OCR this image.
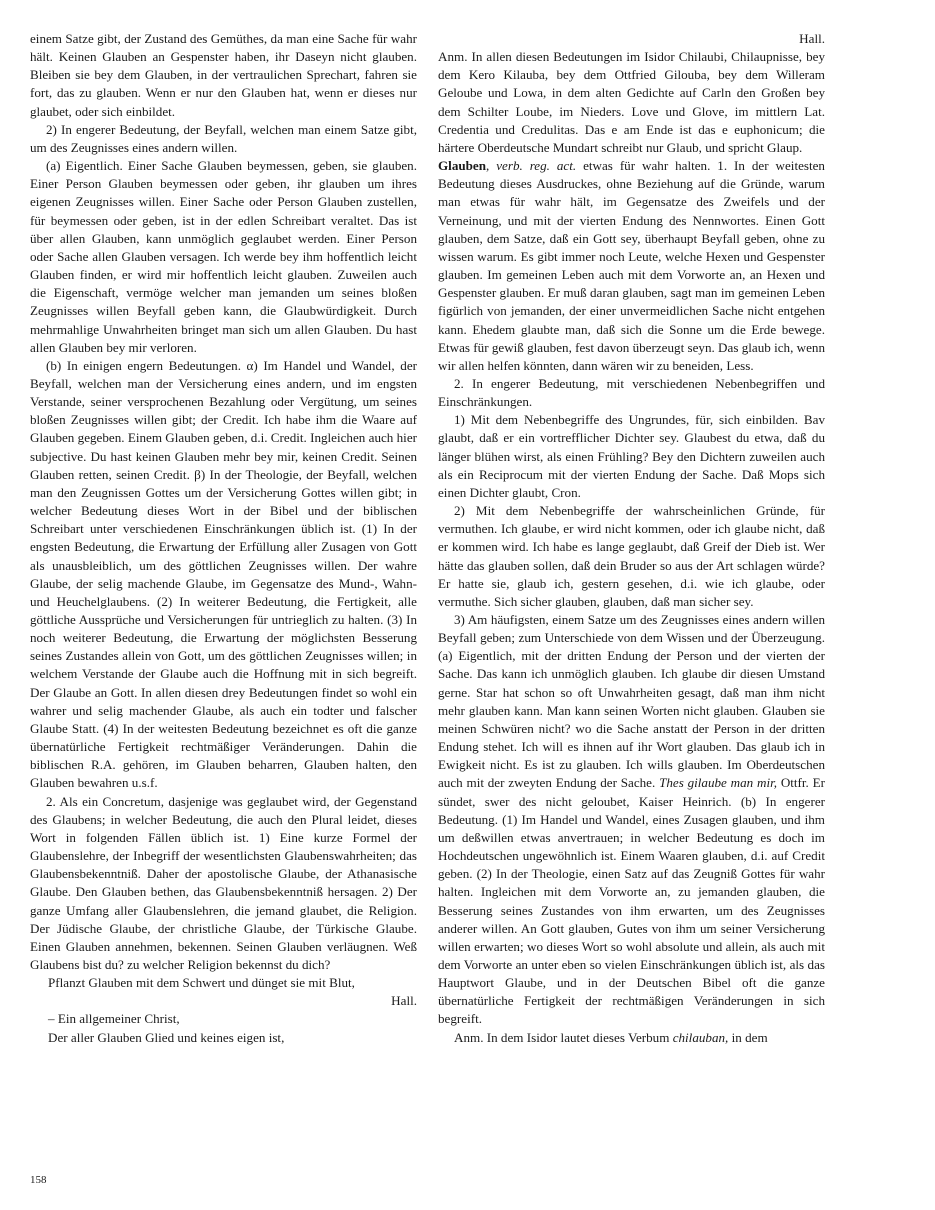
einem Satze gibt, der Zustand des Gemüthes, da man eine Sache für wahr hält. Keinen Glauben an Gespenster haben, ihr Daseyn nicht glauben. Bleiben sie bey dem Glauben, in der vertraulichen Sprechart, fahren sie fort, das zu glauben. Wenn er nur den Glauben hat, wenn er dieses nur glaubet, oder sich einbildet.

2) In engerer Bedeutung, der Beyfall, welchen man einem Satze gibt, um des Zeugnisses eines andern willen.

(a) Eigentlich. Einer Sache Glauben beymessen, geben, sie glauben. Einer Person Glauben beymessen oder geben, ihr glauben um ihres eigenen Zeugnisses willen. Einer Sache oder Person Glauben zustellen, für beymessen oder geben, ist in der edlen Schreibart veraltet. Das ist über allen Glauben, kann unmöglich geglaubet werden. Einer Person oder Sache allen Glauben versagen. Ich werde bey ihm hoffentlich leicht Glauben finden, er wird mir hoffentlich leicht glauben. Zuweilen auch die Eigenschaft, vermöge welcher man jemanden um seines bloßen Zeugnisses willen Beyfall geben kann, die Glaubwürdigkeit. Durch mehrmahlige Unwahrheiten bringet man sich um allen Glauben. Du hast allen Glauben bey mir verloren.

(b) In einigen engern Bedeutungen. α) Im Handel und Wandel, der Beyfall, welchen man der Versicherung eines andern, und im engsten Verstande, seiner versprochenen Bezahlung oder Vergütung, um seines bloßen Zeugnisses willen gibt; der Credit. Ich habe ihm die Waare auf Glauben gegeben. Einem Glauben geben, d.i. Credit. Ingleichen auch hier subjective. Du hast keinen Glauben mehr bey mir, keinen Credit. Seinen Glauben retten, seinen Credit. β) In der Theologie, der Beyfall, welchen man den Zeugnissen Gottes um der Versicherung Gottes willen gibt; in welcher Bedeutung dieses Wort in der Bibel und der biblischen Schreibart unter verschiedenen Einschränkungen üblich ist. (1) In der engsten Bedeutung, die Erwartung der Erfüllung aller Zusagen von Gott als unausbleiblich, um des göttlichen Zeugnisses willen. Der wahre Glaube, der selig machende Glaube, im Gegensatze des Mund-, Wahn- und Heuchelglaubens. (2) In weiterer Bedeutung, die Fertigkeit, alle göttliche Aussprüche und Versicherungen für untrieglich zu halten. (3) In noch weiterer Bedeutung, die Erwartung der möglichsten Besserung seines Zustandes allein von Gott, um des göttlichen Zeugnisses willen; in welchem Verstande der Glaube auch die Hoffnung mit in sich begreift. Der Glaube an Gott. In allen diesen drey Bedeutungen findet so wohl ein wahrer und selig machender Glaube, als auch ein todter und falscher Glaube Statt. (4) In der weitesten Bedeutung bezeichnet es oft die ganze übernatürliche Fertigkeit rechtmäßiger Veränderungen. Dahin die biblischen R.A. gehören, im Glauben beharren, Glauben halten, den Glauben bewahren u.s.f.

2. Als ein Concretum, dasjenige was geglaubet wird, der Gegenstand des Glaubens; in welcher Bedeutung, die auch den Plural leidet, dieses Wort in folgenden Fällen üblich ist. 1) Eine kurze Formel der Glaubenslehre, der Inbegriff der wesentlichsten Glaubenswahrheiten; das Glaubensbekenntniß. Daher der apostolische Glaube, der Athanasische Glaube. Den Glauben bethen, das Glaubensbekenntniß hersagen. 2) Der ganze Umfang aller Glaubenslehren, die jemand glaubet, die Religion. Der Jüdische Glaube, der christliche Glaube, der Türkische Glaube. Einen Glauben annehmen, bekennen. Seinen Glauben verläugnen. Weß Glaubens bist du? zu welcher Religion bekennst du dich?

Pflanzt Glauben mit dem Schwert und dünget sie mit Blut,

Hall.

– Ein allgemeiner Christ,

Der aller Glauben Glied und keines eigen ist,

Hall.

Anm. In allen diesen Bedeutungen im Isidor Chilaubi, Chilaupnisse, bey dem Kero Kilauba, bey dem Ottfried Gilouba, bey dem Willeram Geloube und Lowa, in dem alten Gedichte auf Carln den Großen bey dem Schilter Loube, im Nieders. Love und Glove, im mittlern Lat. Credentia und Credulitas. Das e am Ende ist das e euphonicum; die härtere Oberdeutsche Mundart schreibt nur Glaub, und spricht Glaup.

Glauben, verb. reg. act. etwas für wahr halten. 1. In der weitesten Bedeutung dieses Ausdruckes, ohne Beziehung auf die Gründe, warum man etwas für wahr hält, im Gegensatze des Zweifels und der Verneinung, und mit der vierten Endung des Nennwortes. Einen Gott glauben, dem Satze, daß ein Gott sey, überhaupt Beyfall geben, ohne zu wissen warum. Es gibt immer noch Leute, welche Hexen und Gespenster glauben. Im gemeinen Leben auch mit dem Vorworte an, an Hexen und Gespenster glauben. Er muß daran glauben, sagt man im gemeinen Leben figürlich von jemanden, der einer unvermeidlichen Sache nicht entgehen kann. Ehedem glaubte man, daß sich die Sonne um die Erde bewege. Etwas für gewiß glauben, fest davon überzeugt seyn. Das glaub ich, wenn wir allen helfen könnten, dann wären wir zu beneiden, Less.

2. In engerer Bedeutung, mit verschiedenen Nebenbegriffen und Einschränkungen.

1) Mit dem Nebenbegriffe des Ungrundes, für, sich einbilden. Bav glaubt, daß er ein vortrefflicher Dichter sey. Glaubest du etwa, daß du länger blühen wirst, als einen Frühling? Bey den Dichtern zuweilen auch als ein Reciprocum mit der vierten Endung der Sache. Daß Mops sich einen Dichter glaubt, Cron.

2) Mit dem Nebenbegriffe der wahrscheinlichen Gründe, für vermuthen. Ich glaube, er wird nicht kommen, oder ich glaube nicht, daß er kommen wird. Ich habe es lange geglaubt, daß Greif der Dieb ist. Wer hätte das glauben sollen, daß dein Bruder so aus der Art schlagen würde? Er hatte sie, glaub ich, gestern gesehen, d.i. wie ich glaube, oder vermuthe. Sich sicher glauben, glauben, daß man sicher sey.

3) Am häufigsten, einem Satze um des Zeugnisses eines andern willen Beyfall geben; zum Unterschiede von dem Wissen und der Überzeugung. (a) Eigentlich, mit der dritten Endung der Person und der vierten der Sache. Das kann ich unmöglich glauben. Ich glaube dir diesen Umstand gerne. Star hat schon so oft Unwahrheiten gesagt, daß man ihm nicht mehr glauben kann. Man kann seinen Worten nicht glauben. Glauben sie meinen Schwüren nicht? wo die Sache anstatt der Person in der dritten Endung stehet. Ich will es ihnen auf ihr Wort glauben. Das glaub ich in Ewigkeit nicht. Es ist zu glauben. Ich wills glauben. Im Oberdeutschen auch mit der zweyten Endung der Sache. Thes gilaube man mir, Ottfr. Er sündet, swer des nicht geloubet, Kaiser Heinrich. (b) In engerer Bedeutung. (1) Im Handel und Wandel, eines Zusagen glauben, und ihm um deßwillen etwas anvertrauen; in welcher Bedeutung es doch im Hochdeutschen ungewöhnlich ist. Einem Waaren glauben, d.i. auf Credit geben. (2) In der Theologie, einen Satz auf das Zeugniß Gottes für wahr halten. Ingleichen mit dem Vorworte an, zu jemanden glauben, die Besserung seines Zustandes von ihm erwarten, um des Zeugnisses anderer willen. An Gott glauben, Gutes von ihm um seiner Versicherung willen erwarten; wo dieses Wort so wohl absolute und allein, als auch mit dem Vorworte an unter eben so vielen Einschränkungen üblich ist, als das Hauptwort Glaube, und in der Deutschen Bibel oft die ganze übernatürliche Fertigkeit der rechtmäßigen Veränderungen in sich begreift.

Anm. In dem Isidor lautet dieses Verbum chilauban, in dem

158
